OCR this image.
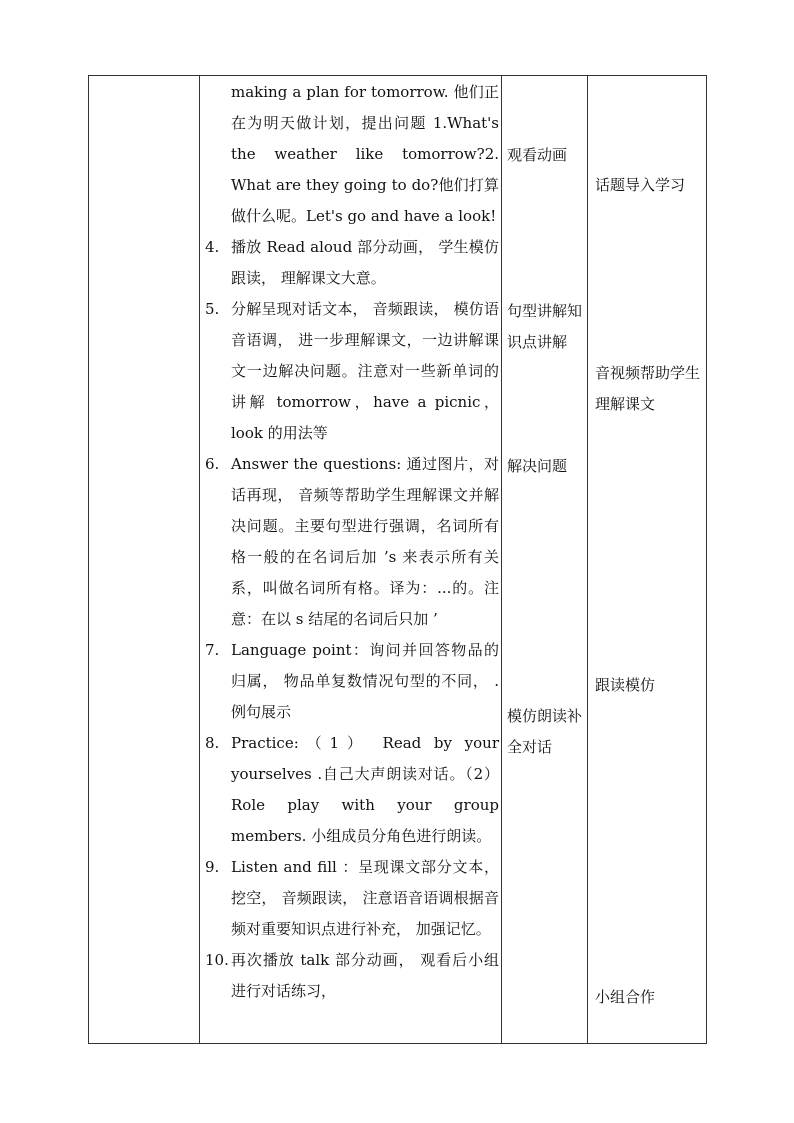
making a plan for tomorrow. 他们正在为明天做计划，提出问题 1.What's the weather like tomorrow?2. What are they going to do?他们打算做什么呢。Let's go and have a look!
4. 播放 Read aloud 部分动画， 学生模仿跟读， 理解课文大意。
5. 分解呈现对话文本， 音频跟读， 模仿语音语调， 进一步理解课文，一边讲解课文一边解决问题。注意对一些新单词的讲解 tomorrow，have a picnic，look 的用法等
6. Answer the questions: 通过图片，对话再现， 音频等帮助学生理解课文并解决问题。主要句型进行强调，名词所有格一般的在名词后加 ’s 来表示所有关系，叫做名词所有格。译为：...的。注意：在以 s 结尾的名词后只加 ’
7. Language point：询问并回答物品的归属， 物品单复数情况句型的不同， .例句展示
8. Practice:（1） Read by your yourselves .自己大声朗读对话。（2） Role play with your group members. 小组成员分角色进行朗读。
9. Listen and fill ：呈现课文部分文本，挖空， 音频跟读， 注意语音语调根据音频对重要知识点进行补充， 加强记忆。
10. 再次播放 talk 部分动画， 观看后小组进行对话练习，
观看动画
句型讲解知识点讲解
解决问题
模仿朗读补全对话
话题导入学习
音视频帮助学生理解课文
跟读模仿
小组合作
